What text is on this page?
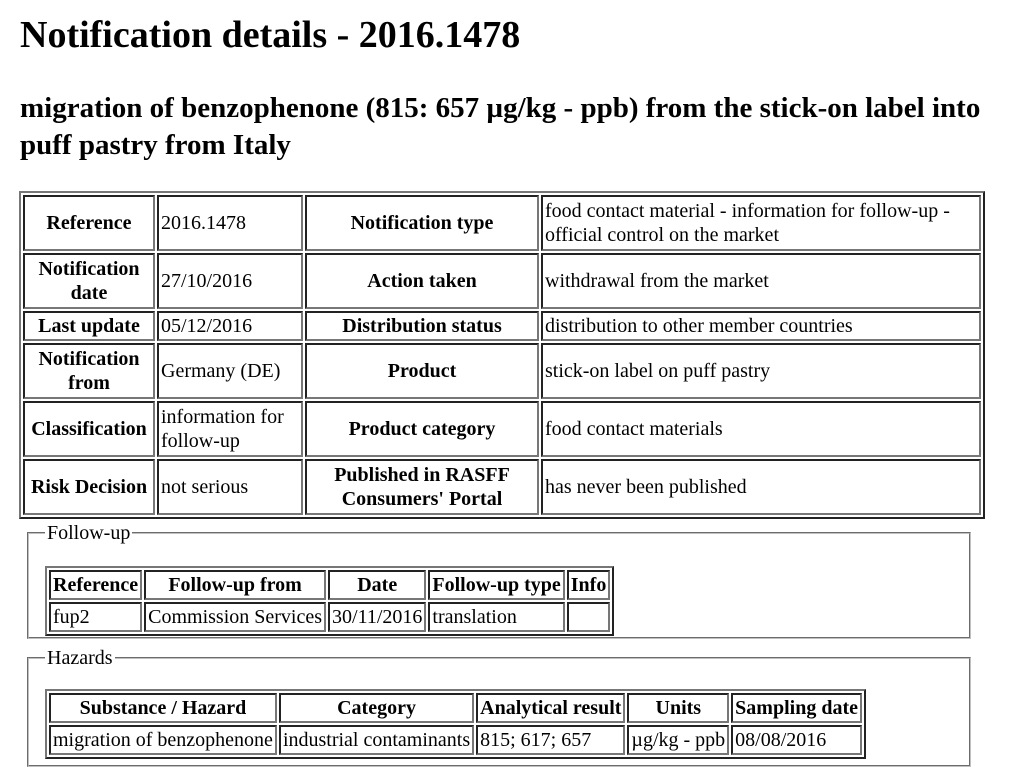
Notification details - 2016.1478
migration of benzophenone (815: 657 µg/kg - ppb) from the stick-on label into puff pastry from Italy
Reference	2016.1478	Notification type	food contact material - information for follow-up - official control on the market
Notification date	27/10/2016	Action taken	withdrawal from the market
Last update	05/12/2016	Distribution status	distribution to other member countries
Notification from	Germany (DE)	Product	stick-on label on puff pastry
Classification	information for follow-up	Product category	food contact materials
Risk Decision	not serious	Published in RASFF Consumers' Portal	has never been published
Follow-up
Reference	Follow-up from	Date	Follow-up type	Info
fup2	Commission Services	30/11/2016	translation	
Hazards
Substance / Hazard	Category	Analytical result	Units	Sampling date
migration of benzophenone	industrial contaminants	815; 617; 657	µg/kg - ppb	08/08/2016
